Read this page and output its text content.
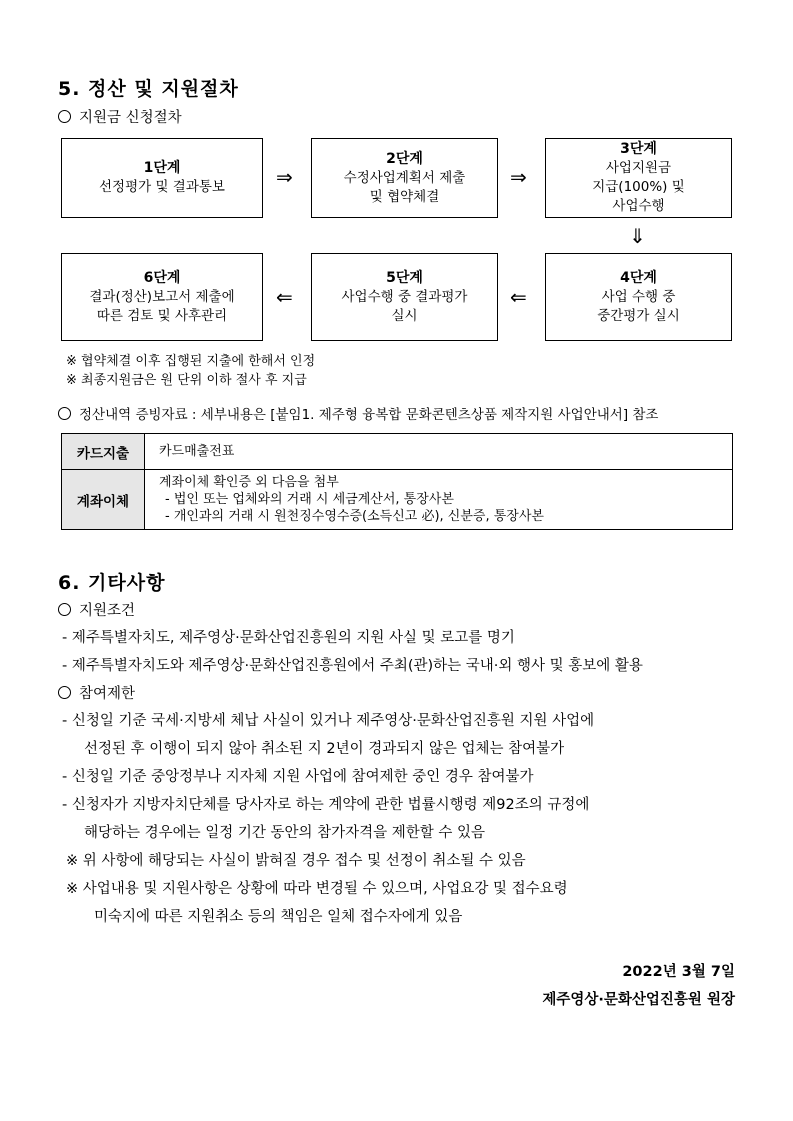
5. 정산 및 지원절차
지원금 신청절차
1단계
선정평가 및 결과통보
2단계
수정사업계획서 제출
및 협약체결
3단계
사업지원금
지급(100%) 및
사업수행
4단계
사업 수행 중
중간평가 실시
5단계
사업수행 중 결과평가
실시
6단계
결과(정산)보고서 제출에
따른 검토 및 사후관리
⇒	⇒
⇓
⇐
⇐
※ 협약체결 이후 집행된 지출에 한해서 인정
※ 최종지원금은 원 단위 이하 절사 후 지급
정산내역 증빙자료 : 세부내용은 [붙임1. 제주형 융복합 문화콘텐츠상품 제작지원 사업안내서] 참조
카드지출	카드매출전표

계좌이체	계좌이체 확인증 외 다음을 첨부
- 법인 또는 업체와의 거래 시 세금계산서, 통장사본
- 개인과의 거래 시 원천징수영수증(소득신고 必), 신분증, 통장사본
6. 기타사항
지원조건
- 제주특별자치도, 제주영상·문화산업진흥원의 지원 사실 및 로고를 명기
- 제주특별자치도와 제주영상·문화산업진흥원에서 주최(관)하는 국내·외 행사 및 홍보에 활용
참여제한
- 신청일 기준 국세·지방세 체납 사실이 있거나 제주영상·문화산업진흥원 지원 사업에
선정된 후 이행이 되지 않아 취소된 지 2년이 경과되지 않은 업체는 참여불가
- 신청일 기준 중앙정부나 지자체 지원 사업에 참여제한 중인 경우 참여불가
- 신청자가 지방자치단체를 당사자로 하는 계약에 관한 법률시행령 제92조의 규정에
해당하는 경우에는 일정 기간 동안의 참가자격을 제한할 수 있음
※ 위 사항에 해당되는 사실이 밝혀질 경우 접수 및 선정이 취소될 수 있음
※ 사업내용 및 지원사항은 상황에 따라 변경될 수 있으며, 사업요강 및 접수요령
미숙지에 따른 지원취소 등의 책임은 일체 접수자에게 있음
2022년 3월 7일
제주영상·문화산업진흥원 원장
